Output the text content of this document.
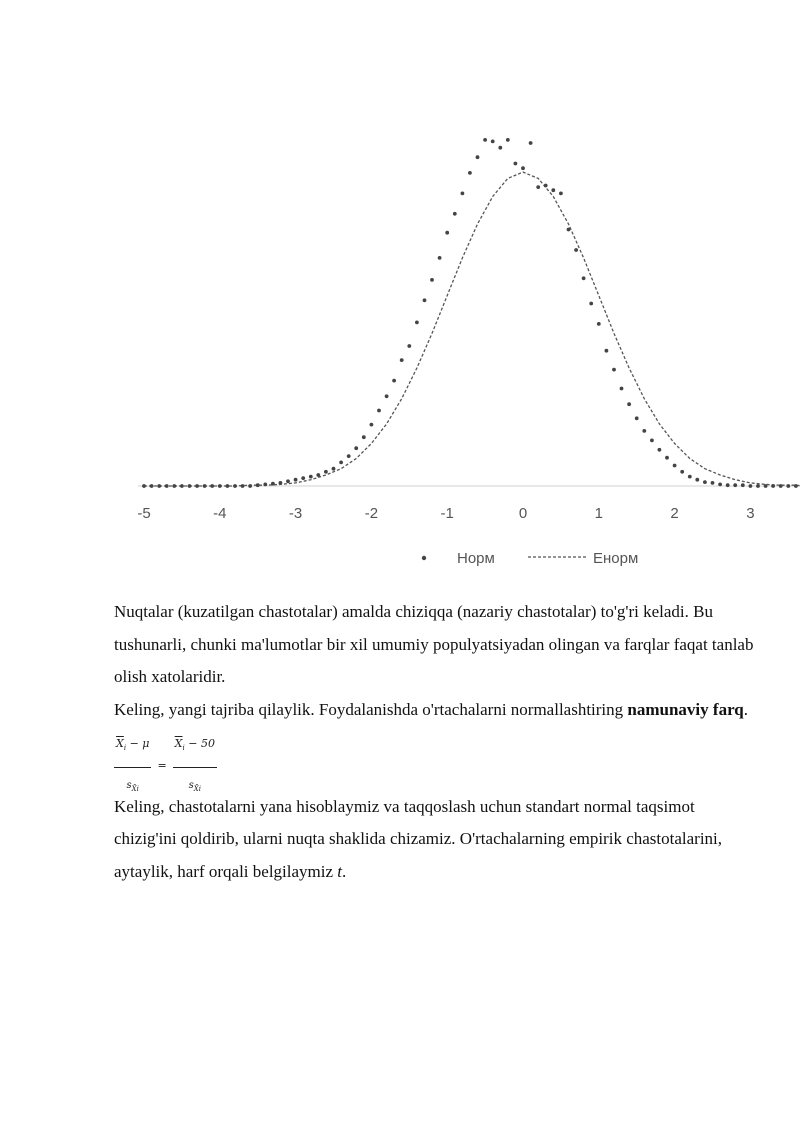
-5	-4	-3	-2	-1	0	1	2	3
Норм	Енорм

Nuqtalar (kuzatilgan chastotalar) amalda chiziqqa (nazariy chastotalar) to'g'ri keladi. Bu tushunarli, chunki ma'lumotlar bir xil umumiy populyatsiyadan olingan va farqlar faqat tanlab olish xatolaridir.

Keling, yangi tajriba qilaylik. Foydalanishda o'rtachalarni normallashtiring namunaviy farq.

$\frac{\overline{X}_i - \mu}{s_{X̄i}} = \frac{\overline{X}_i - 50}{s_{X̄i}}$

Keling, chastotalarni yana hisoblaymiz va taqqoslash uchun standart normal taqsimot chizig'ini qoldirib, ularni nuqta shaklida chizamiz. O'rtachalarning empirik chastotalarini, aytaylik, harf orqali belgilaymiz t.
